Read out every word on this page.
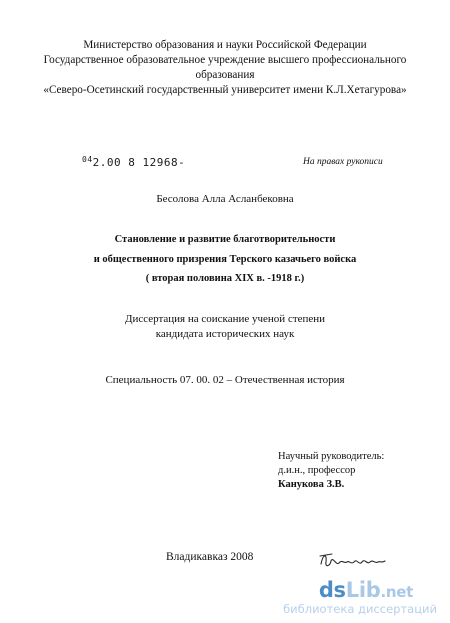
Министерство образования и науки Российской Федерации
Государственное образовательное учреждение высшего профессионального
образования
«Северо-Осетинский государственный университет имени К.Л.Хетагурова»
$^{04}$2.00 8 12968-	На правах рукописи
Бесолова Алла Асланбековна
Становление и развитие благотворительности
и общественного призрения Терского казачьего войска
( вторая половина XIX в. -1918 г.)
Диссертация на соискание ученой степени
кандидата исторических наук
Специальность 07. 00. 02 – Отечественная история
Научный руководитель:
д.и.н., профессор
Канукова З.В.
Владикавказ 2008
dsLib.net
библиотека диссертаций
